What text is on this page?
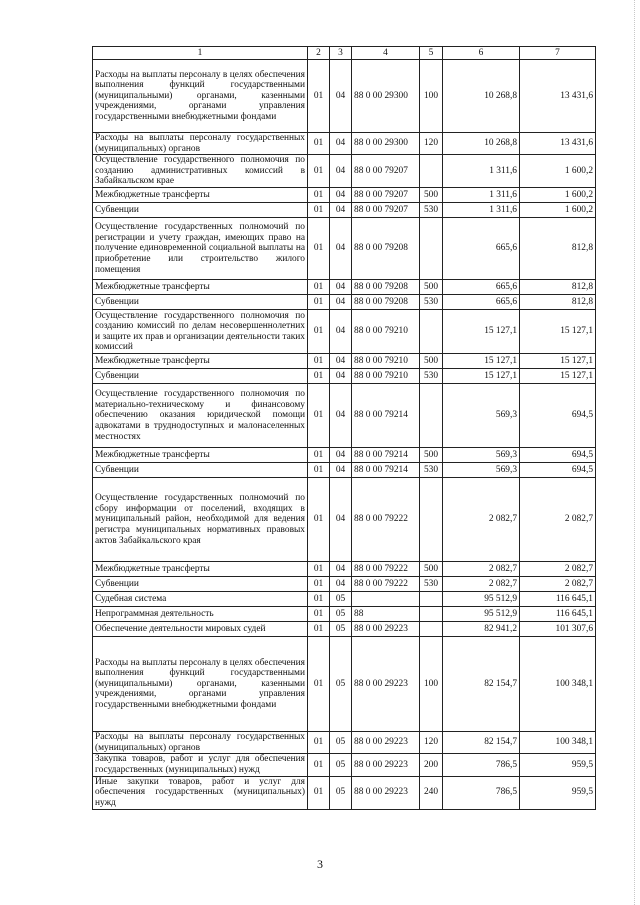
1	2	3	4	5	6	7
Расходы на выплаты персоналу в целях обеспечения выполнения функций государственными (муниципальными) органами, казенными учреждениями, органами управления государственными внебюджетными фондами	01	04	88 0 00 29300	100	10 268,8	13 431,6
Расходы на выплаты персоналу государственных (муниципальных) органов	01	04	88 0 00 29300	120	10 268,8	13 431,6
Осуществление государственного полномочия по созданию административных комиссий в Забайкальском крае	01	04	88 0 00 79207		1 311,6	1 600,2
Межбюджетные трансферты	01	04	88 0 00 79207	500	1 311,6	1 600,2
Субвенции	01	04	88 0 00 79207	530	1 311,6	1 600,2
Осуществление государственных полномочий по регистрации и учету граждан, имеющих право на получение единовременной социальной выплаты на приобретение или строительство жилого помещения	01	04	88 0 00 79208		665,6	812,8
Межбюджетные трансферты	01	04	88 0 00 79208	500	665,6	812,8
Субвенции	01	04	88 0 00 79208	530	665,6	812,8
Осуществление государственного полномочия по созданию комиссий по делам несовершеннолетних и защите их прав и организации деятельности таких комиссий	01	04	88 0 00 79210		15 127,1	15 127,1
Межбюджетные трансферты	01	04	88 0 00 79210	500	15 127,1	15 127,1
Субвенции	01	04	88 0 00 79210	530	15 127,1	15 127,1
Осуществление государственного полномочия по материально-техническому и финансовому обеспечению оказания юридической помощи адвокатами в труднодоступных и малонаселенных местностях	01	04	88 0 00 79214		569,3	694,5
Межбюджетные трансферты	01	04	88 0 00 79214	500	569,3	694,5
Субвенции	01	04	88 0 00 79214	530	569,3	694,5
Осуществление государственных полномочий по сбору информации от поселений, входящих в муниципальный район, необходимой для ведения регистра муниципальных нормативных правовых актов Забайкальского края	01	04	88 0 00 79222		2 082,7	2 082,7
Межбюджетные трансферты	01	04	88 0 00 79222	500	2 082,7	2 082,7
Субвенции	01	04	88 0 00 79222	530	2 082,7	2 082,7
Судебная система	01	05			95 512,9	116 645,1
Непрограммная деятельность	01	05	88		95 512,9	116 645,1
Обеспечение деятельности мировых судей	01	05	88 0 00 29223		82 941,2	101 307,6
Расходы на выплаты персоналу в целях обеспечения выполнения функций государственными (муниципальными) органами, казенными учреждениями, органами управления государственными внебюджетными фондами	01	05	88 0 00 29223	100	82 154,7	100 348,1
Расходы на выплаты персоналу государственных (муниципальных) органов	01	05	88 0 00 29223	120	82 154,7	100 348,1
Закупка товаров, работ и услуг для обеспечения государственных (муниципальных) нужд	01	05	88 0 00 29223	200	786,5	959,5
Иные закупки товаров, работ и услуг для обеспечения государственных (муниципальных) нужд	01	05	88 0 00 29223	240	786,5	959,5
3
